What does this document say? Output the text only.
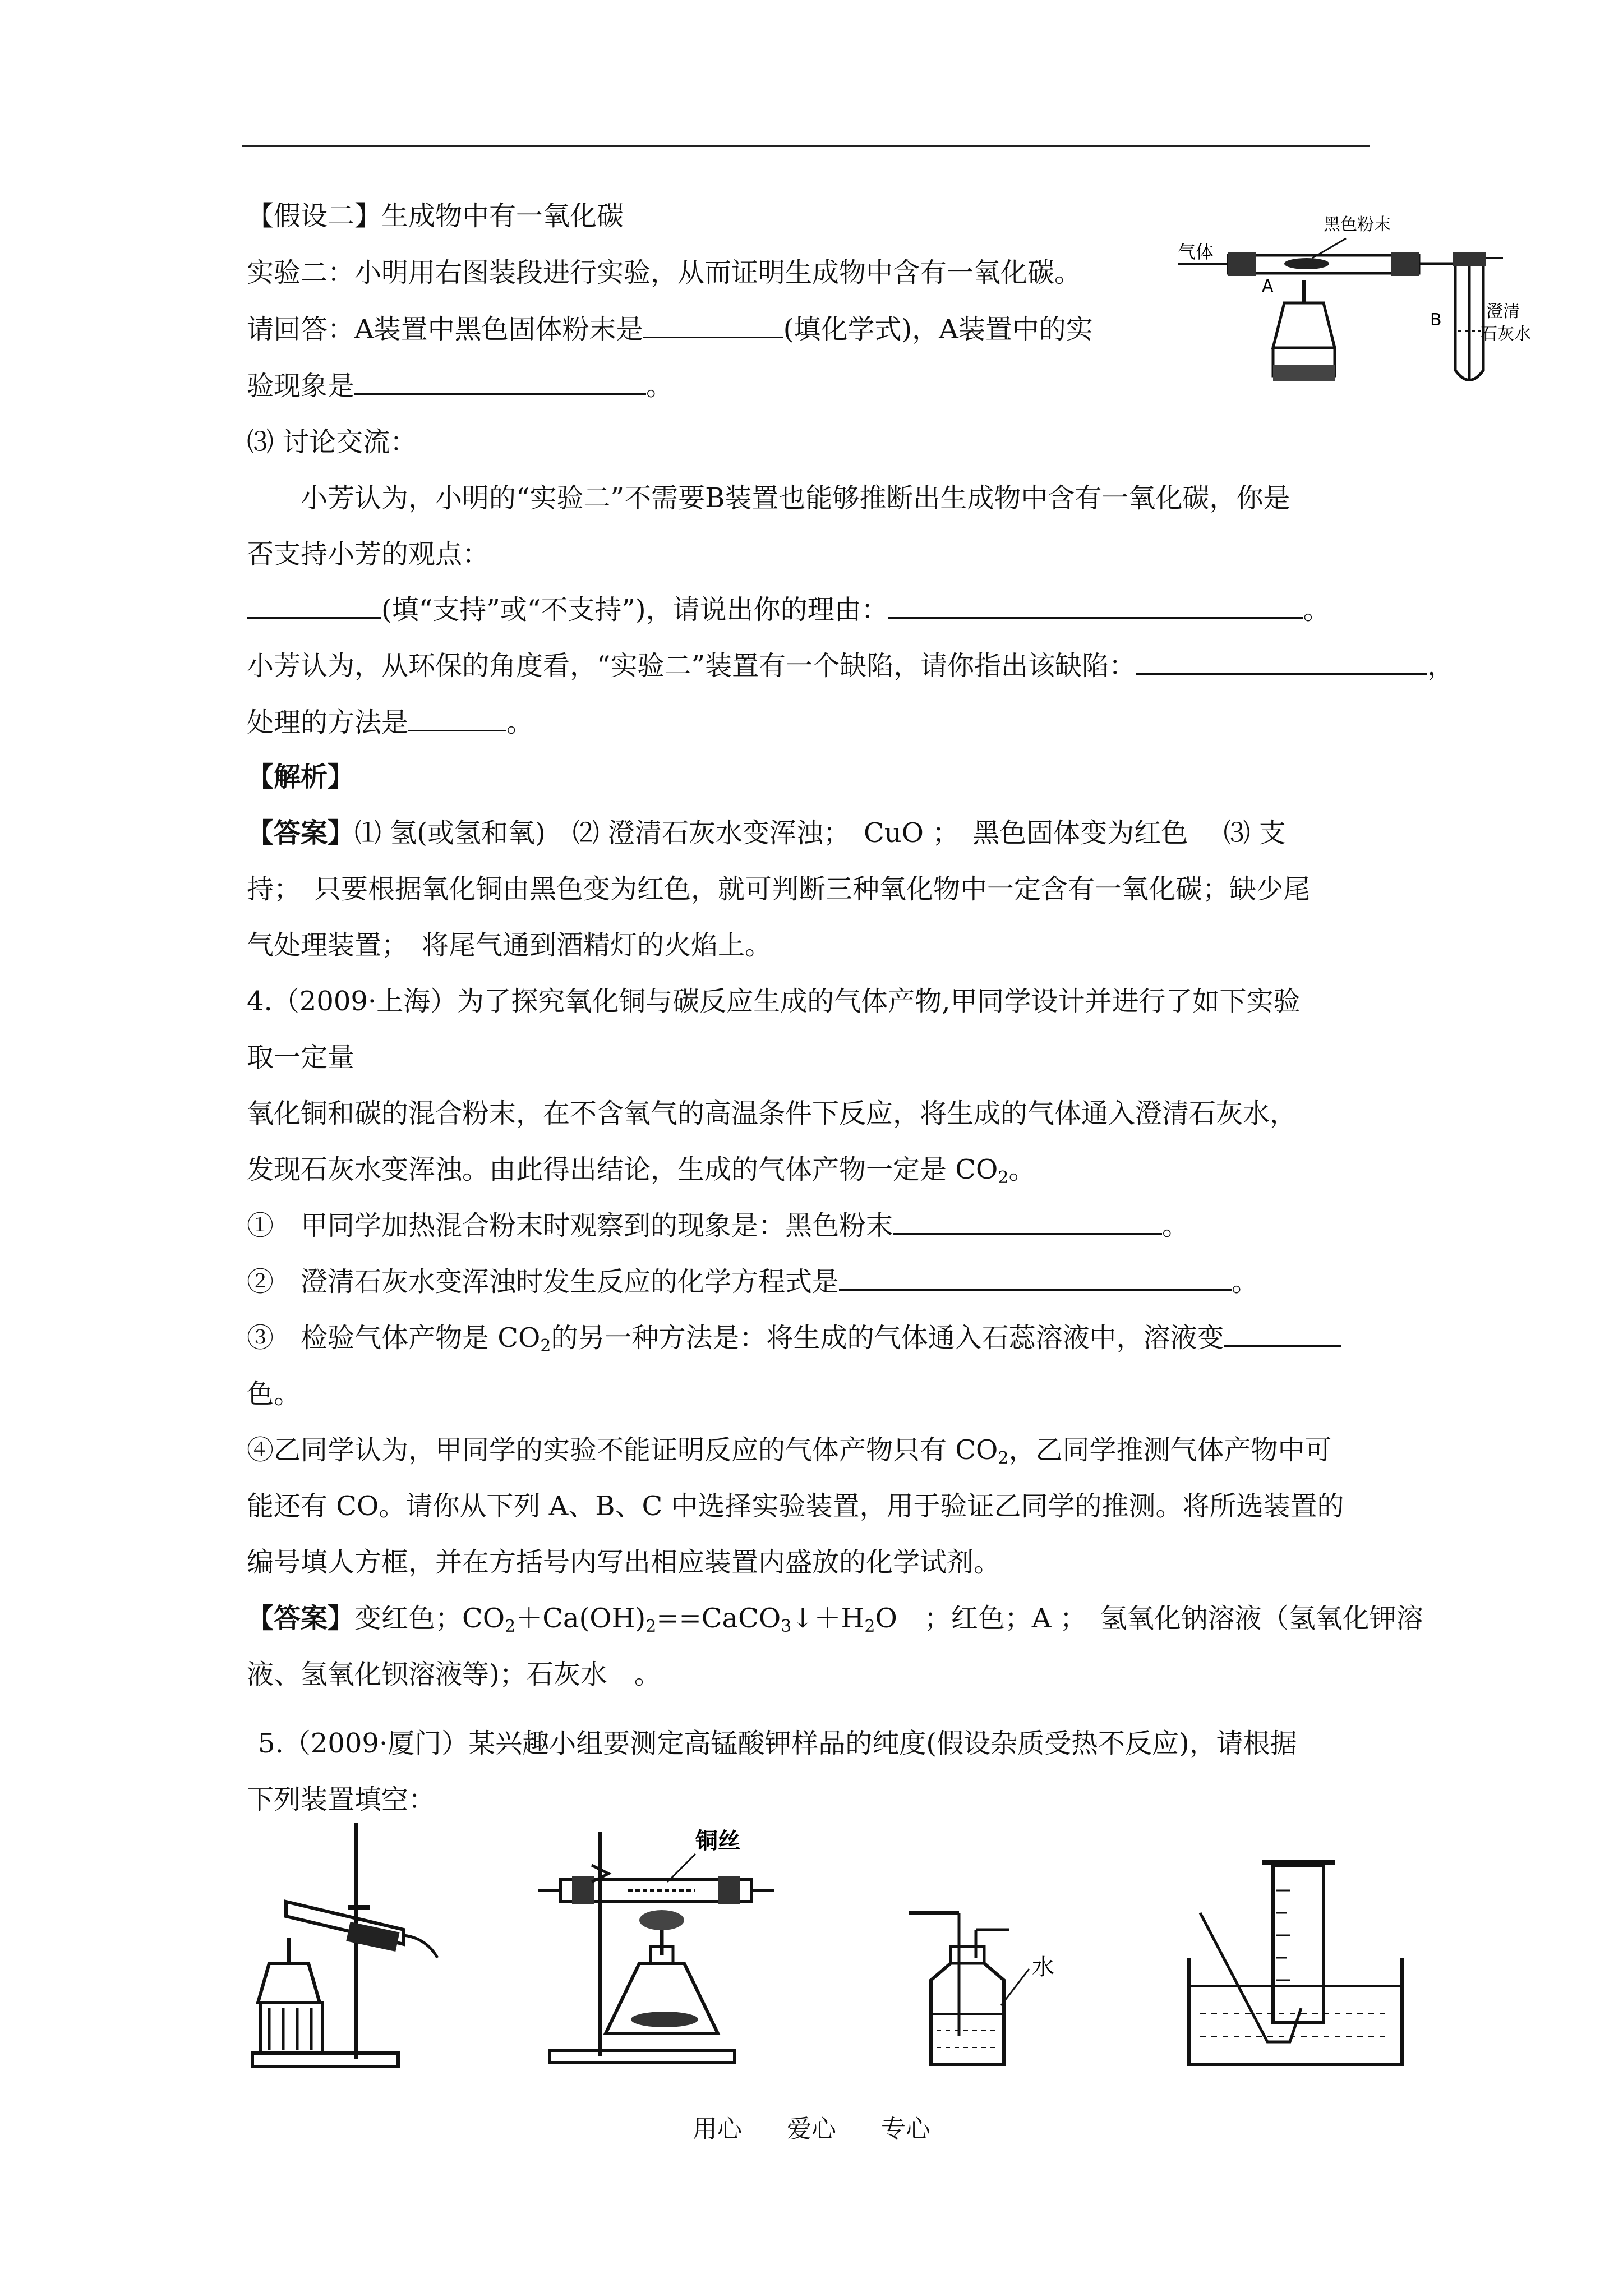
【假设二】生成物中有一氧化碳
实验二：小明用右图装段进行实验，从而证明生成物中含有一氧化碳。
请回答：A装置中黑色固体粉末是	(填化学式)，A装置中的实
验现象是	。
⑶ 讨论交流：
小芳认为，小明的“实验二”不需要B装置也能够推断出生成物中含有一氧化碳，你是
否支持小芳的观点：
(填“支持”或“不支持”)，请说出你的理由：	。
小芳认为，从环保的角度看，“实验二”装置有一个缺陷，请你指出该缺陷：	，
处理的方法是	。
【解析】
【答案】⑴ 氢(或氢和氧)　⑵ 澄清石灰水变浑浊；　CuO ；　黑色固体变为红色　 ⑶ 支
持；　只要根据氧化铜由黑色变为红色，就可判断三种氧化物中一定含有一氧化碳；缺少尾
气处理装置；　将尾气通到酒精灯的火焰上。
4.（2009·上海）为了探究氧化铜与碳反应生成的气体产物,甲同学设计并进行了如下实验
取一定量
氧化铜和碳的混合粉末，在不含氧气的高温条件下反应，将生成的气体通入澄清石灰水，
发现石灰水变浑浊。由此得出结论，生成的气体产物一定是 $CO_2$。
①　甲同学加热混合粉末时观察到的现象是：黑色粉末	。
②　澄清石灰水变浑浊时发生反应的化学方程式是	。
③　检验气体产物是 $CO_2$的另一种方法是：将生成的气体通入石蕊溶液中，溶液变
色。
④乙同学认为，甲同学的实验不能证明反应的气体产物只有 $CO_2$，乙同学推测气体产物中可
能还有 CO。请你从下列 A、B、C 中选择实验装置，用于验证乙同学的推测。将所选装置的
编号填人方框，并在方括号内写出相应装置内盛放的化学试剂。
【答案】变红色；$CO_2+Ca(OH)_2==CaCO_3↓+H_2O$　；红色；A ；　氢氧化钠溶液（氢氧化钾溶
液、氢氧化钡溶液等)；石灰水　。
5.（2009·厦门）某兴趣小组要测定高锰酸钾样品的纯度(假设杂质受热不反应)，请根据
下列装置填空：
气体
黑色粉末
A
B	澄清
石灰水
铜丝
水
用心 爱心 专心
